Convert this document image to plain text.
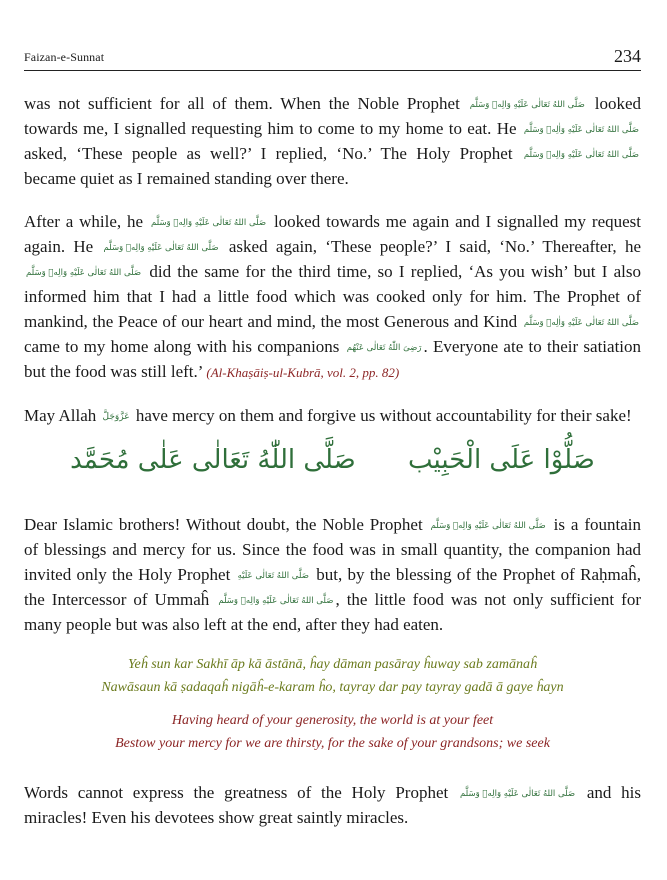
Faizan-e-Sunnat	234

was not sufficient for all of them. When the Noble Prophet صَلَّى اللهُ تَعَالٰى عَلَيْهِ وَالِهٖ وَسَلَّم looked towards me, I signalled requesting him to come to my home to eat. He صَلَّى اللهُ تَعَالٰى عَلَيْهِ وَاٰلِهٖ وَسَلَّم asked, ‘These people as well?’ I replied, ‘No.’ The Holy Prophet صَلَّى اللهُ تَعَالٰى عَلَيْهِ وَالِهٖ وَسَلَّم became quiet as I remained standing over there.

After a while, he صَلَّى اللهُ تَعَالٰى عَلَيْهِ وَالِهٖ وَسَلَّم looked towards me again and I signalled my request again. He صَلَّى اللهُ تَعَالٰى عَلَيْهِ وَالِهٖ وَسَلَّم asked again, ‘These people?’ I said, ‘No.’ Thereafter, he صَلَّى اللهُ تَعَالٰى عَلَيْهِ وَالِهٖ وَسَلَّم did the same for the third time, so I replied, ‘As you wish’ but I also informed him that I had a little food which was cooked only for him. The Prophet of mankind, the Peace of our heart and mind, the most Generous and Kind صَلَّى اللهُ تَعَالٰى عَلَيْهِ وَاٰلِهٖ وَسَلَّم came to my home along with his companions رَضِىَ اللّٰهُ تَعَالٰى عَنْهُم . Everyone ate to their satiation but the food was still left.’ (Al-Khaṣāiṣ-ul-Kubrā, vol. 2, pp. 82)

May Allah عَزَّوَجَلَّ have mercy on them and forgive us without accountability for their sake!

صَلُّوْا عَلَى الْحَبِيْب صَلَّى اللّٰهُ تَعَالٰى عَلٰى مُحَمَّد

Dear Islamic brothers! Without doubt, the Noble Prophet صَلَّى اللهُ تَعَالٰى عَلَيْهِ وَالِهٖ وَسَلَّم is a fountain of blessings and mercy for us. Since the food was in small quantity, the companion had invited only the Holy Prophet صَلَّى اللهُ تَعَالٰى عَلَيْهِ but, by the blessing of the Prophet of Raḥmaĥ, the Intercessor of Ummaĥ صَلَّى اللهُ تَعَالٰى عَلَيْهِ وَالِهٖ وَسَلَّم , the little food was not only sufficient for many people but was also left at the end, after they had eaten.

Yeĥ sun kar Sakhī āp kā āstānā, ĥay dāman pasāray ĥuway sab zamānaĥ
Nawāsaun kā ṣadaqaĥ nigāĥ-e-karam ĥo, tayray dar pay tayray gadā ā gaye ĥayn
Having heard of your generosity, the world is at your feet
Bestow your mercy for we are thirsty, for the sake of your grandsons; we seek

Words cannot express the greatness of the Holy Prophet صَلَّى اللهُ تَعَالٰى عَلَيْهِ وَالِهٖ وَسَلَّم and his miracles! Even his devotees show great saintly miracles.
